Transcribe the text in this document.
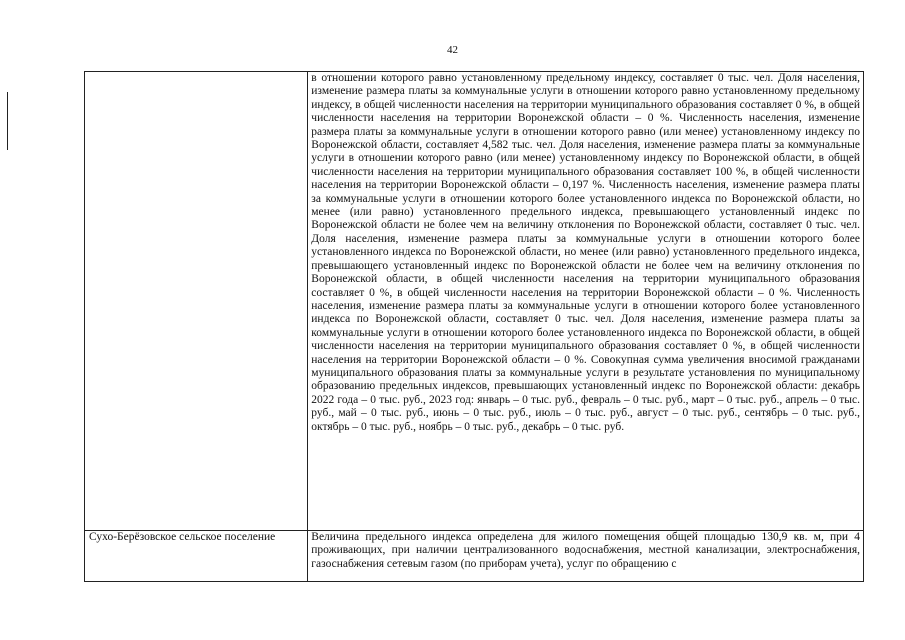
42

	в отношении которого равно установленному предельному индексу, составляет 0 тыс. чел. Доля населения, изменение размера платы за коммунальные услуги в отношении которого равно установленному предельному индексу, в общей численности населения на территории муниципального образования составляет 0 %, в общей численности населения на территории Воронежской области – 0 %. Численность населения, изменение размера платы за коммунальные услуги в отношении которого равно (или менее) установленному индексу по Воронежской области, составляет 4,582 тыс. чел. Доля населения, изменение размера платы за коммунальные услуги в отношении которого равно (или менее) установленному индексу по Воронежской области, в общей численности населения на территории муниципального образования составляет 100 %, в общей численности населения на территории Воронежской области – 0,197 %. Численность населения, изменение размера платы за коммунальные услуги в отношении которого более установленного индекса по Воронежской области, но менее (или равно) установленного предельного индекса, превышающего установленный индекс по Воронежской области не более чем на величину отклонения по Воронежской области, составляет 0 тыс. чел. Доля населения, изменение размера платы за коммунальные услуги в отношении которого более установленного индекса по Воронежской области, но менее (или равно) установленного предельного индекса, превышающего установленный индекс по Воронежской области не более чем на величину отклонения по Воронежской области, в общей численности населения на территории муниципального образования составляет 0 %, в общей численности населения на территории Воронежской области – 0 %. Численность населения, изменение размера платы за коммунальные услуги в отношении которого более установленного индекса по Воронежской области, составляет 0 тыс. чел. Доля населения, изменение размера платы за коммунальные услуги в отношении которого более установленного индекса по Воронежской области, в общей численности населения на территории муниципального образования составляет 0 %, в общей численности населения на территории Воронежской области – 0 %. Совокупная сумма увеличения вносимой гражданами муниципального образования платы за коммунальные услуги в результате установления по муниципальному образованию предельных индексов, превышающих установленный индекс по Воронежской области: декабрь 2022 года – 0 тыс. руб., 2023 год: январь – 0 тыс. руб., февраль – 0 тыс. руб., март – 0 тыс. руб., апрель – 0 тыс. руб., май – 0 тыс. руб., июнь – 0 тыс. руб., июль – 0 тыс. руб., август – 0 тыс. руб., сентябрь – 0 тыс. руб., октябрь – 0 тыс. руб., ноябрь – 0 тыс. руб., декабрь – 0 тыс. руб.

Сухо-Берёзовское сельское поселение	Величина предельного индекса определена для жилого помещения общей площадью 130,9 кв. м, при 4 проживающих, при наличии централизованного водоснабжения, местной канализации, электроснабжения, газоснабжения сетевым газом (по приборам учета), услуг по обращению с
